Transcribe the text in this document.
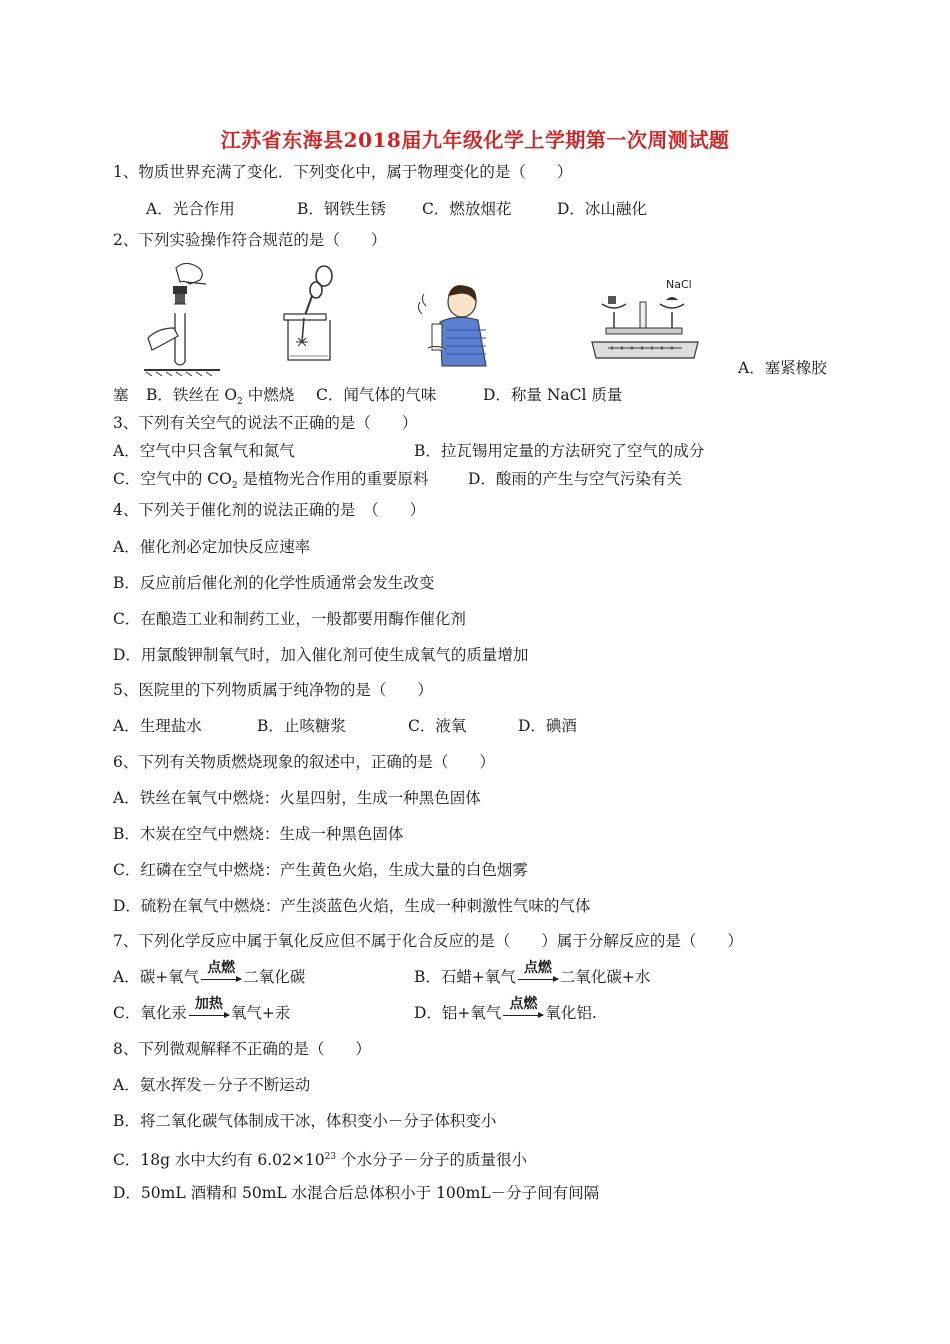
江苏省东海县2018届九年级化学上学期第一次周测试题
1、物质世界充满了变化．下列变化中，属于物理变化的是（　　）
A．光合作用	B．钢铁生锈 C．燃放烟花	D．冰山融化
2、下列实验操作符合规范的是（　　）
NaCl
A．塞紧橡胶
塞 B．铁丝在 $O_2$ 中燃烧 C．闻气体的气味	D．称量 NaCl 质量
3、下列有关空气的说法不正确的是（　　）
A．空气中只含氧气和氮气	B．拉瓦锡用定量的方法研究了空气的成分
C．空气中的 $CO_2$ 是植物光合作用的重要原料	D．酸雨的产生与空气污染有关
4、下列关于催化剂的说法正确的是　（　　）
A．催化剂必定加快反应速率
B．反应前后催化剂的化学性质通常会发生改变
C．在酿造工业和制药工业，一般都要用酶作催化剂
D．用氯酸钾制氧气时，加入催化剂可使生成氧气的质量增加
5、医院里的下列物质属于纯净物的是（　　）
A．生理盐水	B．止咳糖浆	C．液氧	D．碘酒
6、下列有关物质燃烧现象的叙述中，正确的是（　　）
A．铁丝在氧气中燃烧：火星四射，生成一种黑色固体
B．木炭在空气中燃烧：生成一种黑色固体
C．红磷在空气中燃烧：产生黄色火焰，生成大量的白色烟雾
D．硫粉在氧气中燃烧：产生淡蓝色火焰，生成一种刺激性气味的气体
7、下列化学反应中属于氧化反应但不属于化合反应的是（　　）属于分解反应的是（　　）
A．碳+氧气 点燃 二氧化碳	B．石蜡+氧气 点燃 二氧化碳+水
C．氧化汞 加热 氧气+汞	D．铝+氧气 点燃 氧化铝.
8、下列微观解释不正确的是（　　）
A．氨水挥发－分子不断运动
B．将二氧化碳气体制成干冰，体积变小－分子体积变小
C．18g 水中大约有 $6.02\times 10^{23}$ 个水分子－分子的质量很小
D．50mL 酒精和 50mL 水混合后总体积小于 100mL－分子间有间隔
